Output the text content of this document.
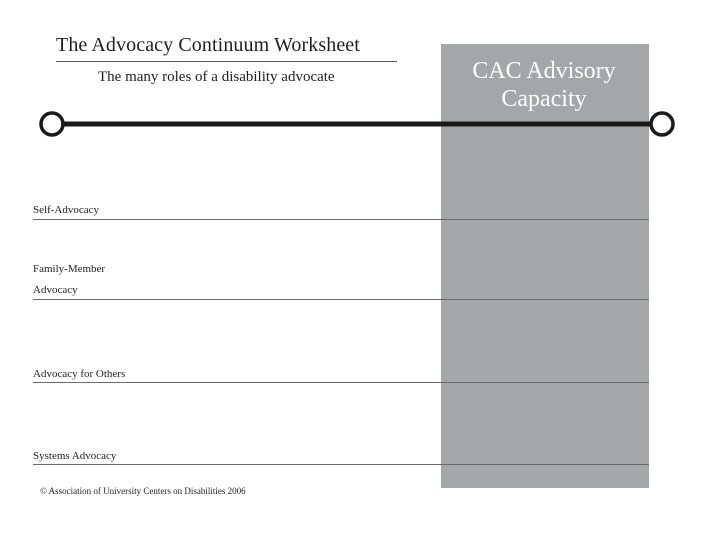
The Advocacy Continuum Worksheet
The many roles of a disability advocate	CAC Advisory
Capacity
Self-Advocacy
Family-Member
Advocacy
Advocacy for Others
Systems Advocacy
© Association of University Centers on Disabilities 2006
